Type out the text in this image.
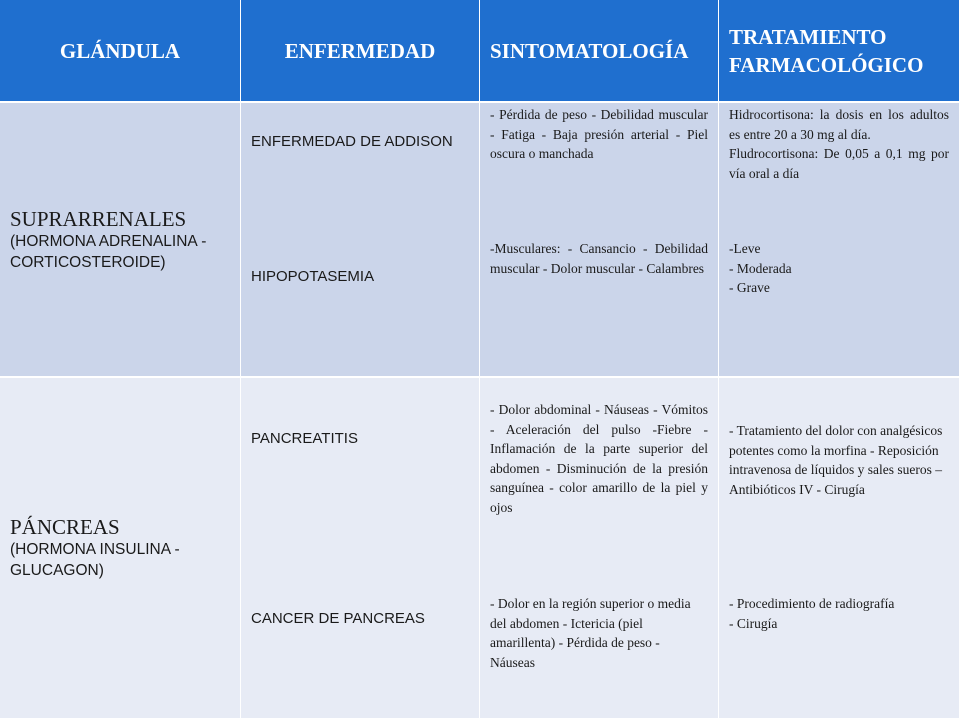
GLÁNDULA	ENFERMEDAD	SINTOMATOLOGÍA
TRATAMIENTO FARMACOLÓGICO
SUPRARRENALES
(HORMONA ADRENALINA - CORTICOSTEROIDE)
ENFERMEDAD DE ADDISON
HIPOPOTASEMIA
- Pérdida de peso - Debilidad muscular - Fatiga - Baja presión arterial - Piel oscura o manchada
-Musculares: - Cansancio - Debilidad muscular - Dolor muscular - Calambres
Hidrocortisona: la dosis en los adultos es entre 20 a 30 mg al día.
Fludrocortisona: De 0,05 a 0,1 mg por vía oral a día
-Leve
- Moderada
- Grave
PÁNCREAS
(HORMONA INSULINA - GLUCAGON)
PANCREATITIS
CANCER DE PANCREAS
- Dolor abdominal - Náuseas - Vómitos - Aceleración del pulso -Fiebre - Inflamación de la parte superior del abdomen - Disminución de la presión sanguínea - color amarillo de la piel y ojos
- Dolor en la región superior o media del abdomen - Ictericia (piel amarillenta) - Pérdida de peso - Náuseas
- Tratamiento del dolor con analgésicos potentes como la morfina - Reposición intravenosa de líquidos y sales sueros – Antibióticos IV - Cirugía
- Procedimiento de radiografía
- Cirugía
